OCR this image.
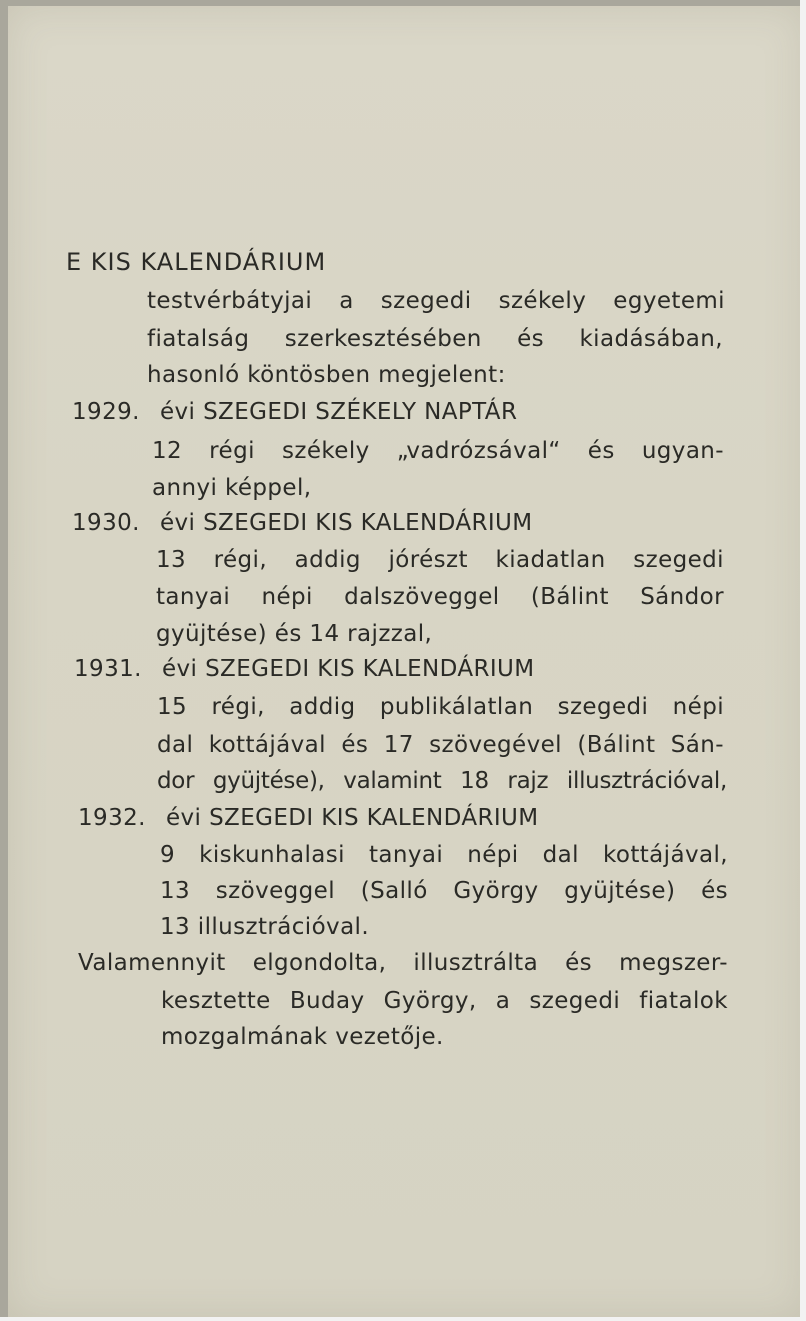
E KIS KALENDÁRIUM

testvérbátyjai a szegedi székely egyetemi

fiatalság szerkesztésében és kiadásában,

hasonló köntösben megjelent:

1929. évi SZEGEDI SZÉKELY NAPTÁR

12 régi székely „vadrózsával“ és ugyan-

annyi képpel,

1930. évi SZEGEDI KIS KALENDÁRIUM

13 régi, addig jórészt kiadatlan szegedi

tanyai népi dalszöveggel (Bálint Sándor

gyüjtése) és 14 rajzzal,

1931. évi SZEGEDI KIS KALENDÁRIUM

15 régi, addig publikálatlan szegedi népi

dal kottájával és 17 szövegével (Bálint Sán-

dor gyüjtése), valamint 18 rajz illusztrációval,

1932. évi SZEGEDI KIS KALENDÁRIUM

9 kiskunhalasi tanyai népi dal kottájával,

13 szöveggel (Salló György gyüjtése) és

13 illusztrációval.

Valamennyit elgondolta, illusztrálta és megszer-

kesztette Buday György, a szegedi fiatalok

mozgalmának vezetője.
